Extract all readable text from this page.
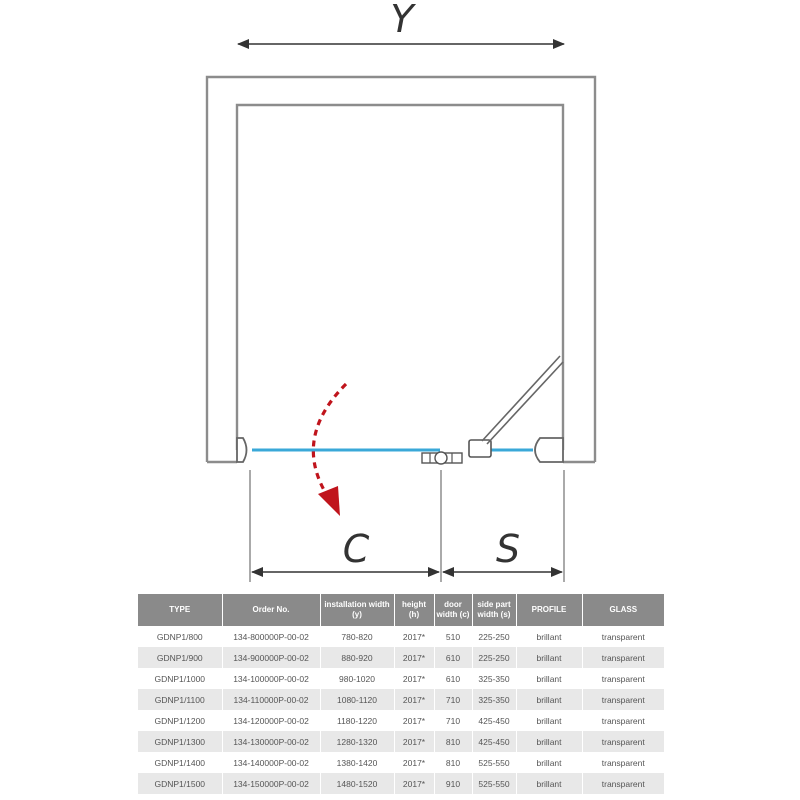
Y
C	S
TYPE	Order No.	installation width (y)	height (h)	door width (c)	side part width (s)	PROFILE	GLASS
GDNP1/800	134-800000P-00-02	780-820	2017*	510	225-250	brillant	transparent
GDNP1/900	134-900000P-00-02	880-920	2017*	610	225-250	brillant	transparent
GDNP1/1000	134-100000P-00-02	980-1020	2017*	610	325-350	brillant	transparent
GDNP1/1100	134-110000P-00-02	1080-1120	2017*	710	325-350	brillant	transparent
GDNP1/1200	134-120000P-00-02	1180-1220	2017*	710	425-450	brillant	transparent
GDNP1/1300	134-130000P-00-02	1280-1320	2017*	810	425-450	brillant	transparent
GDNP1/1400	134-140000P-00-02	1380-1420	2017*	810	525-550	brillant	transparent
GDNP1/1500	134-150000P-00-02	1480-1520	2017*	910	525-550	brillant	transparent
